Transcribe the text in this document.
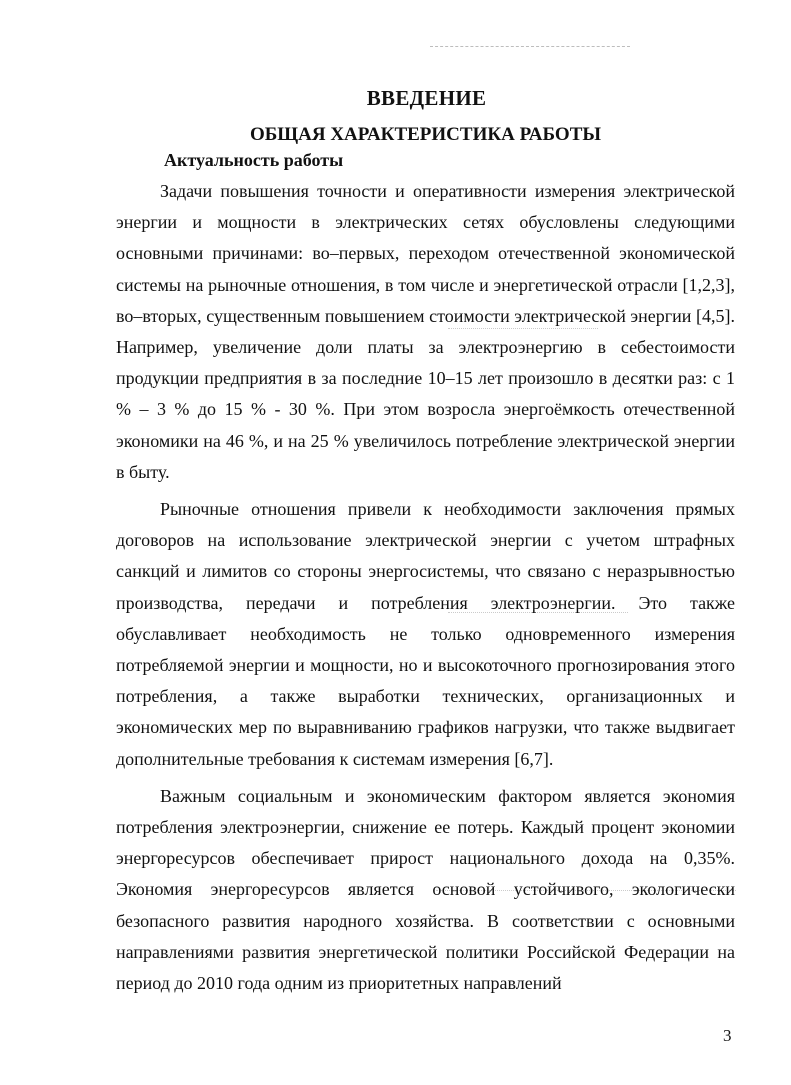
ВВЕДЕНИЕ
ОБЩАЯ ХАРАКТЕРИСТИКА РАБОТЫ
Актуальность работы

Задачи повышения точности и оперативности измерения электрической энергии и мощности в электрических сетях обусловлены следующими основными причинами: во–первых, переходом отечественной экономической системы на рыночные отношения, в том числе и энергетической отрасли [1,2,3], во–вторых, существенным повышением стоимости электрической энергии [4,5]. Например, увеличение доли платы за электроэнергию в себестоимости продукции предприятия в за последние 10–15 лет произошло в десятки раз: с 1 % – 3 % до 15 % - 30 %. При этом возросла энергоёмкость отечественной экономики на 46 %, и на 25 % увеличилось потребление электрической энергии в быту.

Рыночные отношения привели к необходимости заключения прямых договоров на использование электрической энергии с учетом штрафных санкций и лимитов со стороны энергосистемы, что связано с неразрывностью производства, передачи и потребления электроэнергии. Это также обуславливает необходимость не только одновременного измерения потребляемой энергии и мощности, но и высокоточного прогнозирования этого потребления, а также выработки технических, организационных и экономических мер по выравниванию графиков нагрузки, что также выдвигает дополнительные требования к системам измерения [6,7].

Важным социальным и экономическим фактором является экономия потребления электроэнергии, снижение ее потерь. Каждый процент экономии энергоресурсов обеспечивает прирост национального дохода на 0,35%. Экономия энергоресурсов является основой устойчивого, экологически безопасного развития народного хозяйства. В соответствии с основными направлениями развития энергетической политики Российской Федерации на период до 2010 года одним из приоритетных направлений

3
